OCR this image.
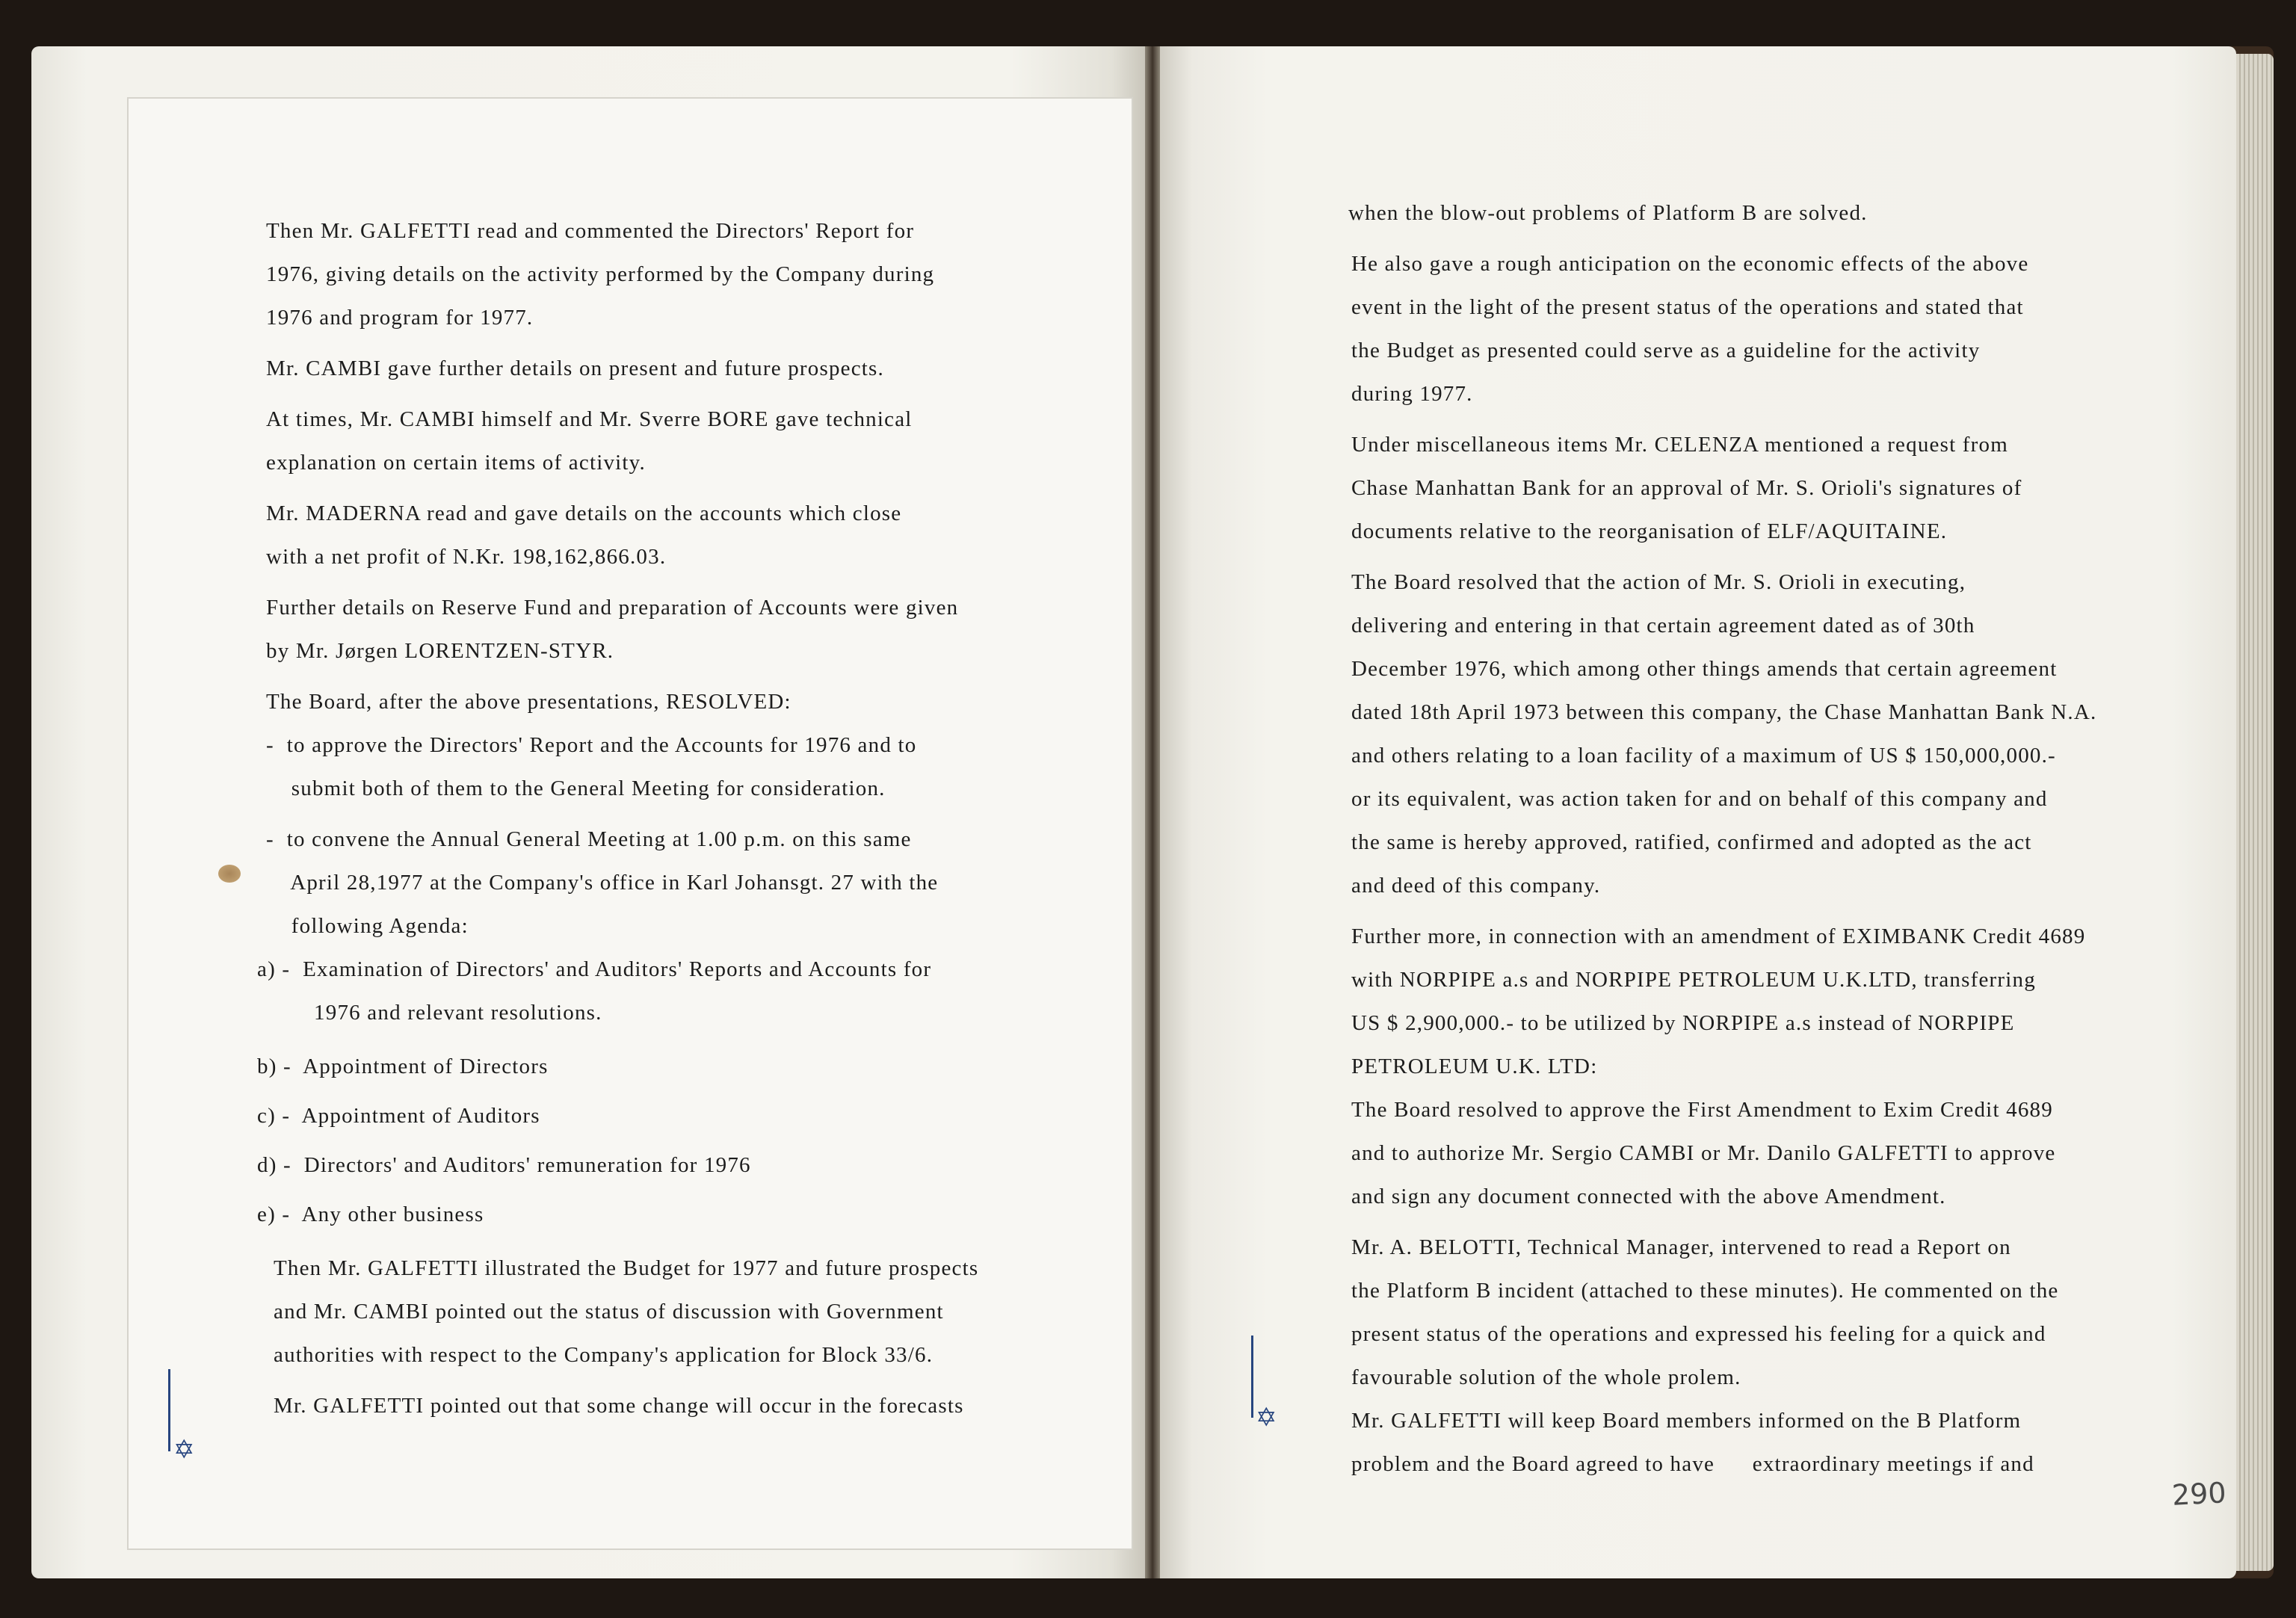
Then Mr. GALFETTI read and commented the Directors' Report for

1976, giving details on the activity performed by the Company during

1976 and program for 1977.

Mr. CAMBI gave further details on present and future prospects.

At times, Mr. CAMBI himself and Mr. Sverre BORE gave technical

explanation on certain items of activity.

Mr. MADERNA read and gave details on the accounts which close

with a net profit of N.Kr. 198,162,866.03.

Further details on Reserve Fund and preparation of Accounts were given

by Mr. Jørgen LORENTZEN-STYR.

The Board, after the above presentations, RESOLVED:

-  to approve the Directors' Report and the Accounts for 1976 and to

submit both of them to the General Meeting for consideration.

-  to convene the Annual General Meeting at 1.00 p.m. on this same

April 28,1977 at the Company's office in Karl Johansgt. 27 with the

following Agenda:

a) -  Examination of Directors' and Auditors' Reports and Accounts for

1976 and relevant resolutions.

b) -  Appointment of Directors

c) -  Appointment of Auditors

d) -  Directors' and Auditors' remuneration for 1976

e) -  Any other business

Then Mr. GALFETTI illustrated the Budget for 1977 and future prospects

and Mr. CAMBI pointed out the status of discussion with Government

authorities with respect to the Company's application for Block 33/6.

Mr. GALFETTI pointed out that some change will occur in the forecasts

✡

when the blow-out problems of Platform B are solved.

He also gave a rough anticipation on the economic effects of the above

event in the light of the present status of the operations and stated that

the Budget as presented could serve as a guideline for the activity

during 1977.

Under miscellaneous items Mr. CELENZA mentioned a request from

Chase Manhattan Bank for an approval of Mr. S. Orioli's signatures of

documents relative to the reorganisation of ELF/AQUITAINE.

The Board resolved that the action of Mr. S. Orioli in executing,

delivering and entering in that certain agreement dated as of 30th

December 1976, which among other things amends that certain agreement

dated 18th April 1973 between this company, the Chase Manhattan Bank N.A.

and others relating to a loan facility of a maximum of US $ 150,000,000.-

or its equivalent, was action taken for and on behalf of this company and

the same is hereby approved, ratified, confirmed and adopted as the act

and deed of this company.

Further more, in connection with an amendment of EXIMBANK Credit 4689

with NORPIPE a.s and NORPIPE PETROLEUM U.K.LTD, transferring

US $ 2,900,000.- to be utilized by NORPIPE a.s instead of NORPIPE

PETROLEUM U.K. LTD:

The Board resolved to approve the First Amendment to Exim Credit 4689

and to authorize Mr. Sergio CAMBI or Mr. Danilo GALFETTI to approve

and sign any document connected with the above Amendment.

Mr. A. BELOTTI, Technical Manager, intervened to read a Report on

the Platform B incident (attached to these minutes). He commented on the

present status of the operations and expressed his feeling for a quick and

favourable solution of the whole prolem.

Mr. GALFETTI will keep Board members informed on the B Platform

problem and the Board agreed to have      extraordinary meetings if and

✡
290
